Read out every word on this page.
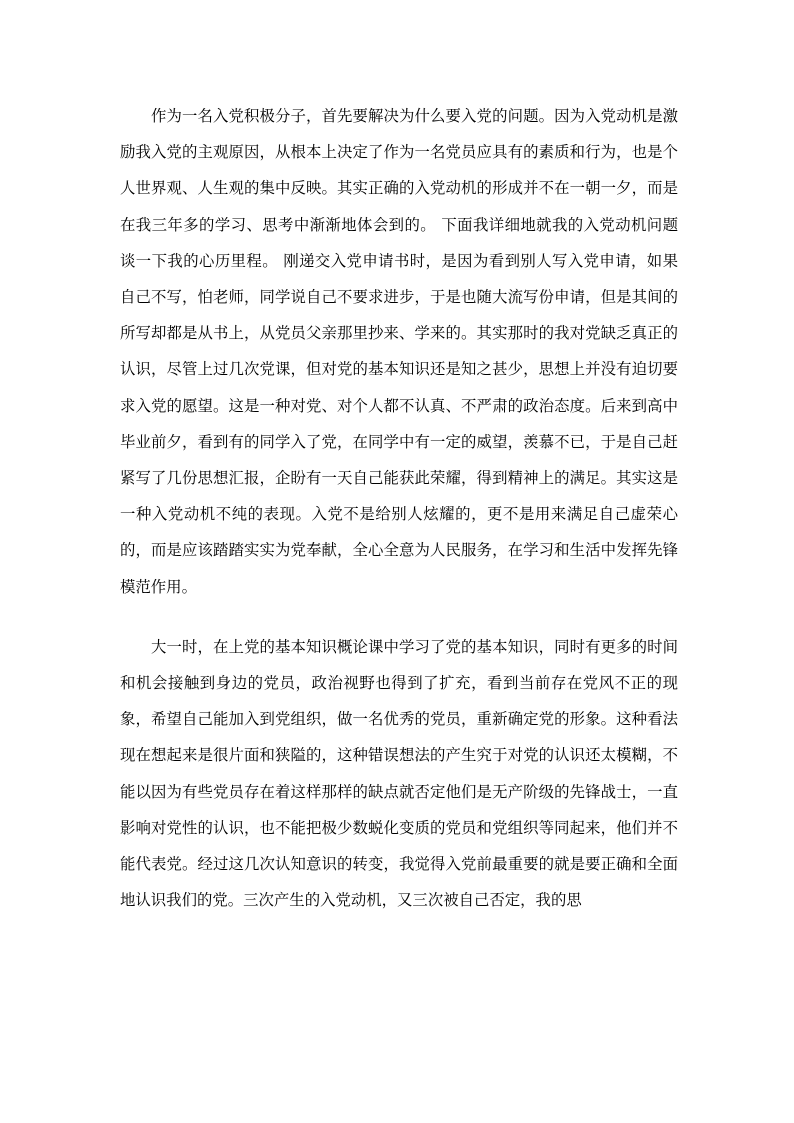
作为一名入党积极分子，首先要解决为什么要入党的问题。因为入党动机是激励我入党的主观原因，从根本上决定了作为一名党员应具有的素质和行为，也是个人世界观、人生观的集中反映。其实正确的入党动机的形成并不在一朝一夕，而是在我三年多的学习、思考中渐渐地体会到的。 下面我详细地就我的入党动机问题谈一下我的心历里程。 刚递交入党申请书时，是因为看到别人写入党申请，如果自己不写，怕老师，同学说自己不要求进步，于是也随大流写份申请，但是其间的所写却都是从书上，从党员父亲那里抄来、学来的。其实那时的我对党缺乏真正的认识，尽管上过几次党课，但对党的基本知识还是知之甚少，思想上并没有迫切要求入党的愿望。这是一种对党、对个人都不认真、不严肃的政治态度。后来到高中毕业前夕，看到有的同学入了党，在同学中有一定的威望，羡慕不已，于是自己赶紧写了几份思想汇报，企盼有一天自己能获此荣耀，得到精神上的满足。其实这是一种入党动机不纯的表现。入党不是给别人炫耀的，更不是用来满足自己虚荣心的，而是应该踏踏实实为党奉献，全心全意为人民服务，在学习和生活中发挥先锋模范作用。

大一时，在上党的基本知识概论课中学习了党的基本知识，同时有更多的时间和机会接触到身边的党员，政治视野也得到了扩充，看到当前存在党风不正的现象，希望自己能加入到党组织，做一名优秀的党员，重新确定党的形象。这种看法现在想起来是很片面和狭隘的，这种错误想法的产生究于对党的认识还太模糊，不能以因为有些党员存在着这样那样的缺点就否定他们是无产阶级的先锋战士，一直影响对党性的认识，也不能把极少数蜕化变质的党员和党组织等同起来，他们并不能代表党。经过这几次认知意识的转变，我觉得入党前最重要的就是要正确和全面地认识我们的党。三次产生的入党动机，又三次被自己否定，我的思
